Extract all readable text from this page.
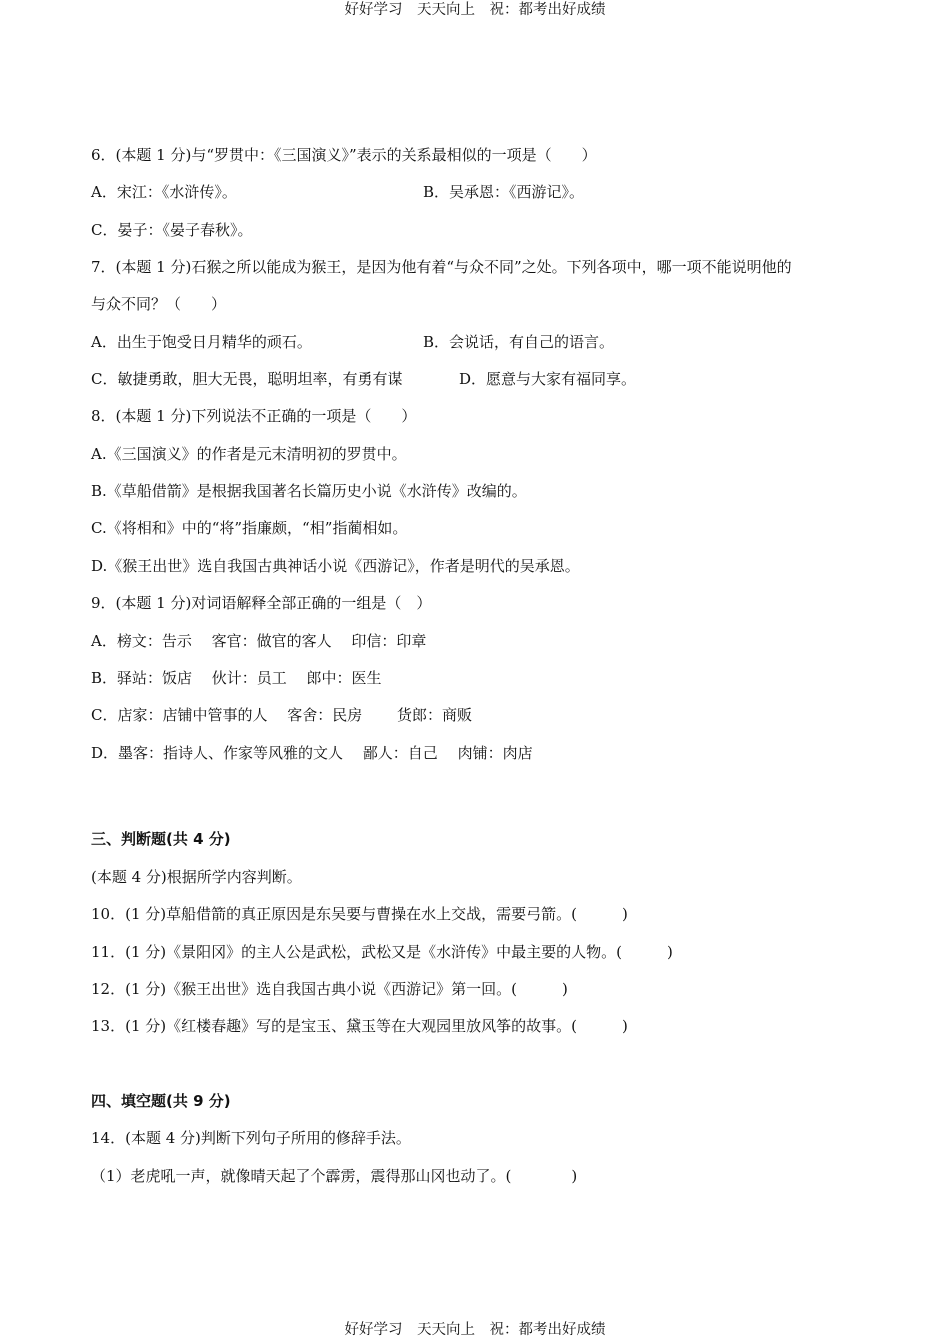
好好学习　天天向上　祝：都考出好成绩
6．(本题 1 分)与“罗贯中：《三国演义》”表示的关系最相似的一项是（　　）
A．宋江：《水浒传》。	B．吴承恩：《西游记》。
C．晏子：《晏子春秋》。
7．(本题 1 分)石猴之所以能成为猴王，是因为他有着“与众不同”之处。下列各项中，哪一项不能说明他的
与众不同？（　　）
A．出生于饱受日月精华的顽石。	B．会说话，有自己的语言。
C．敏捷勇敢，胆大无畏，聪明坦率，有勇有谋	D．愿意与大家有福同享。
8．(本题 1 分)下列说法不正确的一项是（　　）
A.《三国演义》的作者是元末清明初的罗贯中。
B.《草船借箭》是根据我国著名长篇历史小说《水浒传》改编的。
C.《将相和》中的“将”指廉颇，“相”指蔺相如。
D.《猴王出世》选自我国古典神话小说《西游记》，作者是明代的吴承恩。
9．(本题 1 分)对词语解释全部正确的一组是（　）
A．榜文：告示　 客官：做官的客人　 印信：印章
B．驿站：饭店　 伙计：员工　 郎中：医生
C．店家：店铺中管事的人　 客舍：民房　　 货郎：商贩
D．墨客：指诗人、作家等风雅的文人　 鄙人：自己　 肉铺：肉店
三、判断题(共 4 分)
(本题 4 分)根据所学内容判断。
10．(1 分)草船借箭的真正原因是东吴要与曹操在水上交战，需要弓箭。(　　　)
11．(1 分)《景阳冈》的主人公是武松，武松又是《水浒传》中最主要的人物。(　　　)
12．(1 分)《猴王出世》选自我国古典小说《西游记》第一回。(　　　)
13．(1 分)《红楼春趣》写的是宝玉、黛玉等在大观园里放风筝的故事。(　　　)
四、填空题(共 9 分)
14．(本题 4 分)判断下列句子所用的修辞手法。
（1）老虎吼一声，就像晴天起了个霹雳，震得那山冈也动了。(　　　　)
好好学习　天天向上　祝：都考出好成绩
